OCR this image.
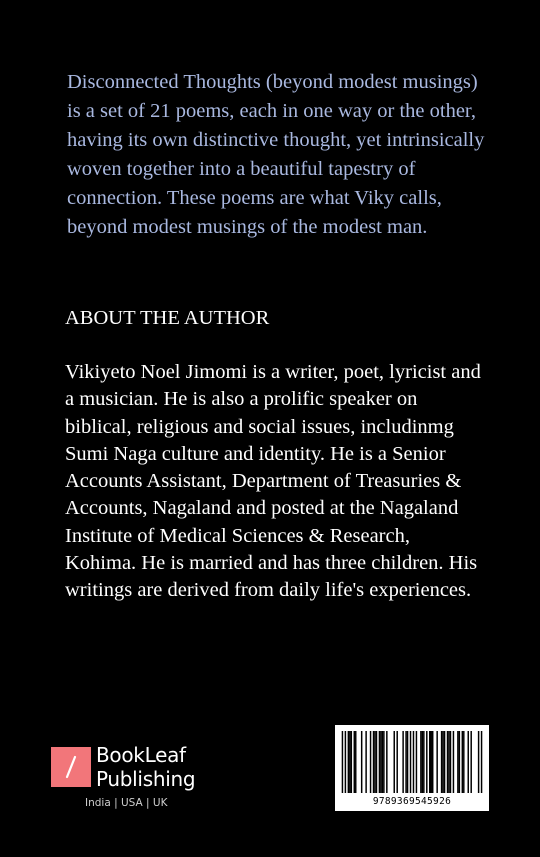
Disconnected Thoughts (beyond modest musings) is a set of 21 poems, each in one way or the other, having its own distinctive thought, yet intrinsically woven together into a beautiful tapestry of connection. These poems are what Viky calls, beyond modest musings of the modest man.

ABOUT THE AUTHOR

Vikiyeto Noel Jimomi is a writer, poet, lyricist and a musician. He is also a prolific speaker on biblical, religious and social issues, includinmg Sumi Naga culture and identity. He is a Senior Accounts Assistant, Department of Treasuries & Accounts, Nagaland and posted at the Nagaland Institute of Medical Sciences & Research, Kohima. He is married and has three children. His writings are derived from daily life's experiences.

BookLeaf
Publishing
India | USA | UK	9789369545926
